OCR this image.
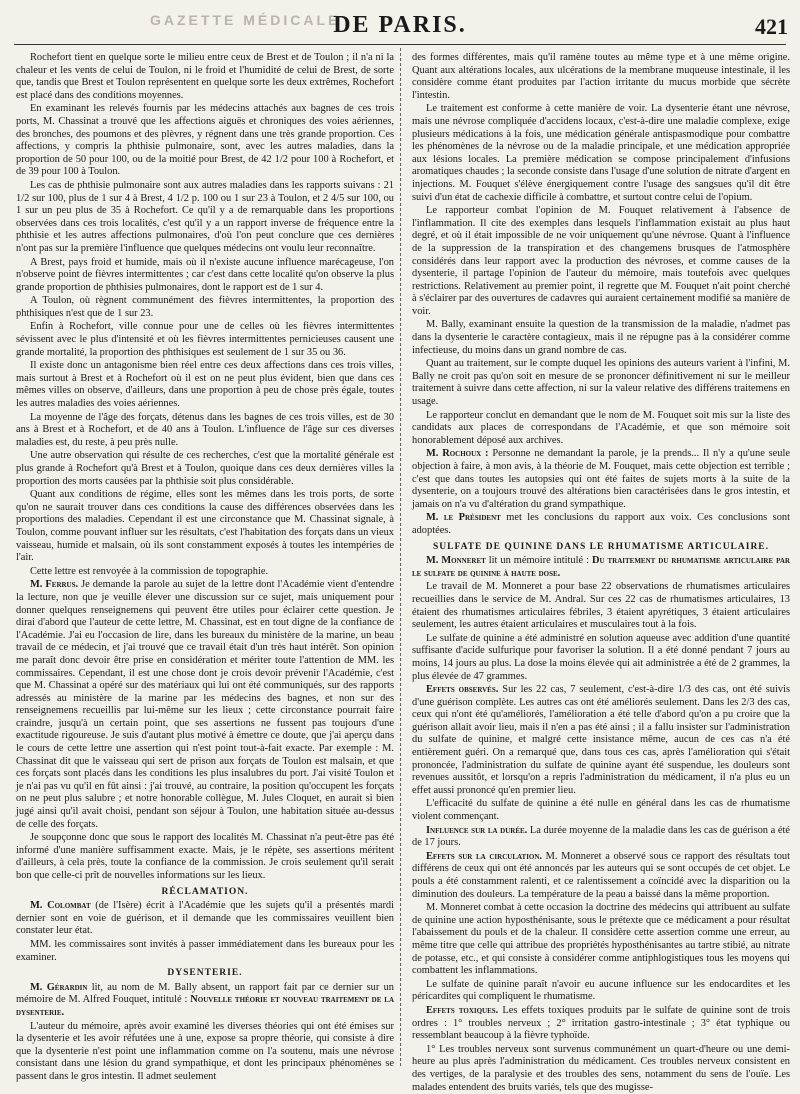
GAZETTE MÉDICALE
DE PARIS.	421

Rochefort tient en quelque sorte le milieu entre ceux de Brest et de Toulon ; il n'a ni la chaleur et les vents de celui de Toulon, ni le froid et l'humidité de celui de Brest, de sorte que, tandis que Brest et Toulon représentent en quelque sorte les deux extrêmes, Rochefort est placé dans des conditions moyennes.

En examinant les relevés fournis par les médecins attachés aux bagnes de ces trois ports, M. Chassinat a trouvé que les affections aiguës et chroniques des voies aériennes, des bronches, des poumons et des plèvres, y régnent dans une très grande proportion. Ces affections, y compris la phthisie pulmonaire, sont, avec les autres maladies, dans la proportion de 50 pour 100, ou de la moitié pour Brest, de 42 1/2 pour 100 à Rochefort, et de 39 pour 100 à Toulon.

Les cas de phthisie pulmonaire sont aux autres maladies dans les rapports suivans : 21 1/2 sur 100, plus de 1 sur 4 à Brest, 4 1/2 p. 100 ou 1 sur 23 à Toulon, et 2 4/5 sur 100, ou 1 sur un peu plus de 35 à Rochefort. Ce qu'il y a de remarquable dans les proportions observées dans ces trois localités, c'est qu'il y a un rapport inverse de fréquence entre la phthisie et les autres affections pulmonaires, d'où l'on peut conclure que ces dernières n'ont pas sur la première l'influence que quelques médecins ont voulu leur reconnaître.

A Brest, pays froid et humide, mais où il n'existe aucune influence marécageuse, l'on n'observe point de fièvres intermittentes ; car c'est dans cette localité qu'on observe la plus grande proportion de phthisies pulmonaires, dont le rapport est de 1 sur 4.

A Toulon, où règnent communément des fièvres intermittentes, la proportion des phthisiques n'est que de 1 sur 23.

Enfin à Rochefort, ville connue pour une de celles où les fièvres intermittentes sévissent avec le plus d'intensité et où les fièvres intermittentes pernicieuses causent une grande mortalité, la proportion des phthisiques est seulement de 1 sur 35 ou 36.

Il existe donc un antagonisme bien réel entre ces deux affections dans ces trois villes, mais surtout à Brest et à Rochefort où il est on ne peut plus évident, bien que dans ces mêmes villes on observe, d'ailleurs, dans une proportion à peu de chose près égale, toutes les autres maladies des voies aériennes.

La moyenne de l'âge des forçats, détenus dans les bagnes de ces trois villes, est de 30 ans à Brest et à Rochefort, et de 40 ans à Toulon. L'influence de l'âge sur ces diverses maladies est, du reste, à peu près nulle.

Une autre observation qui résulte de ces recherches, c'est que la mortalité générale est plus grande à Rochefort qu'à Brest et à Toulon, quoique dans ces deux dernières villes la proportion des morts causées par la phthisie soit plus considérable.

Quant aux conditions de régime, elles sont les mêmes dans les trois ports, de sorte qu'on ne saurait trouver dans ces conditions la cause des différences observées dans les proportions des maladies. Cependant il est une circonstance que M. Chassinat signale, à Toulon, comme pouvant influer sur les résultats, c'est l'habitation des forçats dans un vieux vaisseau, humide et malsain, où ils sont constamment exposés à toutes les intempéries de l'air.

Cette lettre est renvoyée à la commission de topographie.

M. Ferrus. Je demande la parole au sujet de la lettre dont l'Académie vient d'entendre la lecture, non que je veuille élever une discussion sur ce sujet, mais uniquement pour donner quelques renseignemens qui peuvent être utiles pour éclairer cette question. Je dirai d'abord que l'auteur de cette lettre, M. Chassinat, est en tout digne de la confiance de l'Académie. J'ai eu l'occasion de lire, dans les bureaux du ministère de la marine, un beau travail de ce médecin, et j'ai trouvé que ce travail était d'un très haut intérêt. Son opinion me paraît donc devoir être prise en considération et mériter toute l'attention de MM. les commissaires. Cependant, il est une chose dont je crois devoir prévenir l'Académie, c'est que M. Chassinat a opéré sur des matériaux qui lui ont été communiqués, sur des rapports adressés au ministère de la marine par les médecins des bagnes, et non sur des renseignemens recueillis par lui-même sur les lieux ; cette circonstance pourrait faire craindre, jusqu'à un certain point, que ses assertions ne fussent pas toujours d'une exactitude rigoureuse. Je suis d'autant plus motivé à émettre ce doute, que j'ai aperçu dans le cours de cette lettre une assertion qui n'est point tout-à-fait exacte. Par exemple : M. Chassinat dit que le vaisseau qui sert de prison aux forçats de Toulon est malsain, et que ces forçats sont placés dans les conditions les plus insalubres du port. J'ai visité Toulon et je n'ai pas vu qu'il en fût ainsi : j'ai trouvé, au contraire, la position qu'occupent les forçats on ne peut plus salubre ; et notre honorable collègue, M. Jules Cloquet, en aurait si bien jugé ainsi qu'il avait choisi, pendant son séjour à Toulon, une habitation située au-dessus de celle des forçats.

Je soupçonne donc que sous le rapport des localités M. Chassinat n'a peut-être pas été informé d'une manière suffisamment exacte. Mais, je le répète, ses assertions méritent d'ailleurs, à cela près, toute la confiance de la commission. Je crois seulement qu'il serait bon que celle-ci prît de nouvelles informations sur les lieux.

RÉCLAMATION.

M. Colombat (de l'Isère) écrit à l'Académie que les sujets qu'il a présentés mardi dernier sont en voie de guérison, et il demande que les commissaires veuillent bien constater leur état.

MM. les commissaires sont invités à passer immédiatement dans les bureaux pour les examiner.

DYSENTERIE.

M. Gérardin lit, au nom de M. Bally absent, un rapport fait par ce dernier sur un mémoire de M. Alfred Fouquet, intitulé : Nouvelle théorie et nouveau traitement de la dysenterie.

L'auteur du mémoire, après avoir examiné les diverses théories qui ont été émises sur la dysenterie et les avoir réfutées une à une, expose sa propre théorie, qui consiste à dire que la dysenterie n'est point une inflammation comme on l'a soutenu, mais une névrose consistant dans une lésion du grand sympathique, et dont les principaux phénomènes se passent dans le gros intestin. Il admet seulement

des formes différentes, mais qu'il ramène toutes au même type et à une même origine. Quant aux altérations locales, aux ulcérations de la membrane muqueuse intestinale, il les considère comme étant produites par l'action irritante du mucus morbide que sécrète l'intestin.

Le traitement est conforme à cette manière de voir. La dysenterie étant une névrose, mais une névrose compliquée d'accidens locaux, c'est-à-dire une maladie complexe, exige plusieurs médications à la fois, une médication générale antispasmodique pour combattre les phénomènes de la névrose ou de la maladie principale, et une médication appropriée aux lésions locales. La première médication se compose principalement d'infusions aromatiques chaudes ; la seconde consiste dans l'usage d'une solution de nitrate d'argent en injections. M. Fouquet s'élève énergiquement contre l'usage des sangsues qu'il dit être suivi d'un état de cachexie difficile à combattre, et surtout contre celui de l'opium.

Le rapporteur combat l'opinion de M. Fouquet relativement à l'absence de l'inflammation. Il cite des exemples dans lesquels l'inflammation existait au plus haut degré, et où il était impossible de ne voir uniquement qu'une névrose. Quant à l'influence de la suppression de la transpiration et des changemens brusques de l'atmosphère considérés dans leur rapport avec la production des névroses, et comme causes de la dysenterie, il partage l'opinion de l'auteur du mémoire, mais toutefois avec quelques restrictions. Relativement au premier point, il regrette que M. Fouquet n'ait point cherché à s'éclairer par des ouvertures de cadavres qui auraient certainement modifié sa manière de voir.

M. Bally, examinant ensuite la question de la transmission de la maladie, n'admet pas dans la dysenterie le caractère contagieux, mais il ne répugne pas à la considérer comme infectieuse, du moins dans un grand nombre de cas.

Quant au traitement, sur le compte duquel les opinions des auteurs varient à l'infini, M. Bally ne croit pas qu'on soit en mesure de se prononcer définitivement ni sur le meilleur traitement à suivre dans cette affection, ni sur la valeur relative des différens traitemens en usage.

Le rapporteur conclut en demandant que le nom de M. Fouquet soit mis sur la liste des candidats aux places de correspondans de l'Académie, et que son mémoire soit honorablement déposé aux archives.

M. Rochoux : Personne ne demandant la parole, je la prends... Il n'y a qu'une seule objection à faire, à mon avis, à la théorie de M. Fouquet, mais cette objection est terrible ; c'est que dans toutes les autopsies qui ont été faites de sujets morts à la suite de la dysenterie, on a toujours trouvé des altérations bien caractérisées dans le gros intestin, et jamais on n'a vu d'altération du grand sympathique.

M. le Président met les conclusions du rapport aux voix. Ces conclusions sont adoptées.

SULFATE DE QUININE DANS LE RHUMATISME ARTICULAIRE.

M. Monneret lit un mémoire intitulé : Du traitement du rhumatisme articulaire par le sulfate de quinine à haute dose.

Le travail de M. Monneret a pour base 22 observations de rhumatismes articulaires recueillies dans le service de M. Andral. Sur ces 22 cas de rhumatismes articulaires, 13 étaient des rhumatismes articulaires fébriles, 3 étaient apyrétiques, 3 étaient articulaires seulement, les autres étaient articulaires et musculaires tout à la fois.

Le sulfate de quinine a été administré en solution aqueuse avec addition d'une quantité suffisante d'acide sulfurique pour favoriser la solution. Il a été donné pendant 7 jours au moins, 14 jours au plus. La dose la moins élevée qui ait administrée a été de 2 grammes, la plus élevée de 47 grammes.

Effets observés. Sur les 22 cas, 7 seulement, c'est-à-dire 1/3 des cas, ont été suivis d'une guérison complète. Les autres cas ont été améliorés seulement. Dans les 2/3 des cas, ceux qui n'ont été qu'améliorés, l'amélioration a été telle d'abord qu'on a pu croire que la guérison allait avoir lieu, mais il n'en a pas été ainsi ; il a fallu insister sur l'administration du sulfate de quinine, et malgré cette insistance même, aucun de ces cas n'a été entièrement guéri. On a remarqué que, dans tous ces cas, après l'amélioration qui s'était prononcée, l'administration du sulfate de quinine ayant été suspendue, les douleurs sont revenues aussitôt, et lorsqu'on a repris l'administration du médicament, il n'a plus eu un effet aussi prononcé qu'en premier lieu.

L'efficacité du sulfate de quinine a été nulle en général dans les cas de rhumatisme violent commençant.

Influence sur la durée. La durée moyenne de la maladie dans les cas de guérison a été de 17 jours.

Effets sur la circulation. M. Monneret a observé sous ce rapport des résultats tout différens de ceux qui ont été annoncés par les auteurs qui se sont occupés de cet objet. Le pouls a été constamment ralenti, et ce ralentissement a coïncidé avec la disparition ou la diminution des douleurs. La température de la peau a baissé dans la même proportion.

M. Monneret combat à cette occasion la doctrine des médecins qui attribuent au sulfate de quinine une action hyposthénisante, sous le prétexte que ce médicament a pour résultat l'abaissement du pouls et de la chaleur. Il considère cette assertion comme une erreur, au même titre que celle qui attribue des propriétés hyposthénisantes au tartre stibié, au nitrate de potasse, etc., et qui consiste à considérer comme antiphlogistiques tous les moyens qui combattent les inflammations.

Le sulfate de quinine paraît n'avoir eu aucune influence sur les endocardites et les péricardites qui compliquent le rhumatisme.

Effets toxiques. Les effets toxiques produits par le sulfate de quinine sont de trois ordres : 1° troubles nerveux ; 2° irritation gastro-intestinale ; 3° état typhique ou ressemblant beaucoup à la fièvre typhoïde.

1° Les troubles nerveux sont survenus communément un quart-d'heure ou une demi-heure au plus après l'administration du médicament. Ces troubles nerveux consistent en des vertiges, de la paralysie et des troubles des sens, notamment du sens de l'ouïe. Les malades entendent des bruits variés, tels que des mugisse-
